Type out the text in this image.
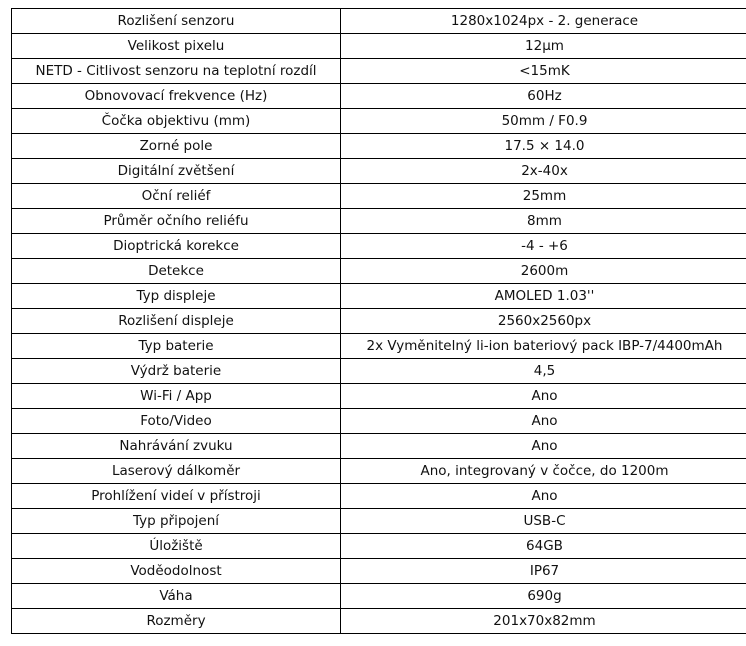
Rozlišení senzoru	1280x1024px - 2. generace
Velikost pixelu	12µm
NETD - Citlivost senzoru na teplotní rozdíl	<15mK
Obnovovací frekvence (Hz)	60Hz
Čočka objektivu (mm)	50mm / F0.9
Zorné pole	17.5 × 14.0
Digitální zvětšení	2x-40x
Oční reliéf	25mm
Průměr očního reliéfu	8mm
Dioptrická korekce	-4 - +6
Detekce	2600m
Typ displeje	AMOLED 1.03''
Rozlišení displeje	2560x2560px
Typ baterie	2x Vyměnitelný li-ion bateriový pack IBP-7/4400mAh
Výdrž baterie	4,5
Wi-Fi / App	Ano
Foto/Video	Ano
Nahrávání zvuku	Ano
Laserový dálkoměr	Ano, integrovaný v čočce, do 1200m
Prohlížení videí v přístroji	Ano
Typ připojení	USB-C
Úložiště	64GB
Voděodolnost	IP67
Váha	690g
Rozměry	201x70x82mm
